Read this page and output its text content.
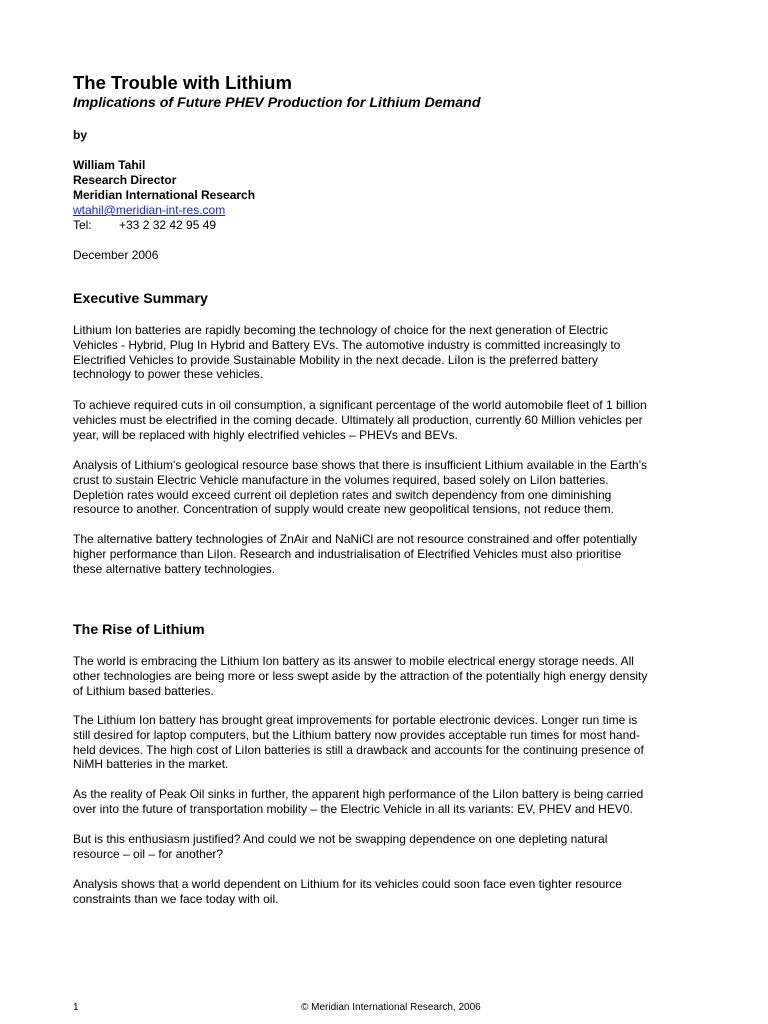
The Trouble with Lithium
Implications of Future PHEV Production for Lithium Demand
by
William Tahil
Research Director
Meridian International Research
wtahil@meridian-int-res.com
Tel: +33 2 32 42 95 49
December 2006
Executive Summary

Lithium Ion batteries are rapidly becoming the technology of choice for the next generation of Electric
Vehicles - Hybrid, Plug In Hybrid and Battery EVs. The automotive industry is committed increasingly to
Electrified Vehicles to provide Sustainable Mobility in the next decade. LiIon is the preferred battery
technology to power these vehicles.

To achieve required cuts in oil consumption, a significant percentage of the world automobile fleet of 1 billion
vehicles must be electrified in the coming decade. Ultimately all production, currently 60 Million vehicles per
year, will be replaced with highly electrified vehicles – PHEVs and BEVs.

Analysis of Lithium's geological resource base shows that there is insufficient Lithium available in the Earth's
crust to sustain Electric Vehicle manufacture in the volumes required, based solely on LiIon batteries.
Depletion rates would exceed current oil depletion rates and switch dependency from one diminishing
resource to another. Concentration of supply would create new geopolitical tensions, not reduce them.

The alternative battery technologies of ZnAir and NaNiCl are not resource constrained and offer potentially
higher performance than LiIon. Research and industrialisation of Electrified Vehicles must also prioritise
these alternative battery technologies.

The Rise of Lithium

The world is embracing the Lithium Ion battery as its answer to mobile electrical energy storage needs. All
other technologies are being more or less swept aside by the attraction of the potentially high energy density
of Lithium based batteries.

The Lithium Ion battery has brought great improvements for portable electronic devices. Longer run time is
still desired for laptop computers, but the Lithium battery now provides acceptable run times for most hand-
held devices. The high cost of LiIon batteries is still a drawback and accounts for the continuing presence of
NiMH batteries in the market.

As the reality of Peak Oil sinks in further, the apparent high performance of the LiIon battery is being carried
over into the future of transportation mobility – the Electric Vehicle in all its variants: EV, PHEV and HEV0.

But is this enthusiasm justified? And could we not be swapping dependence on one depleting natural
resource – oil – for another?

Analysis shows that a world dependent on Lithium for its vehicles could soon face even tighter resource
constraints than we face today with oil.

1	© Meridian International Research, 2006
